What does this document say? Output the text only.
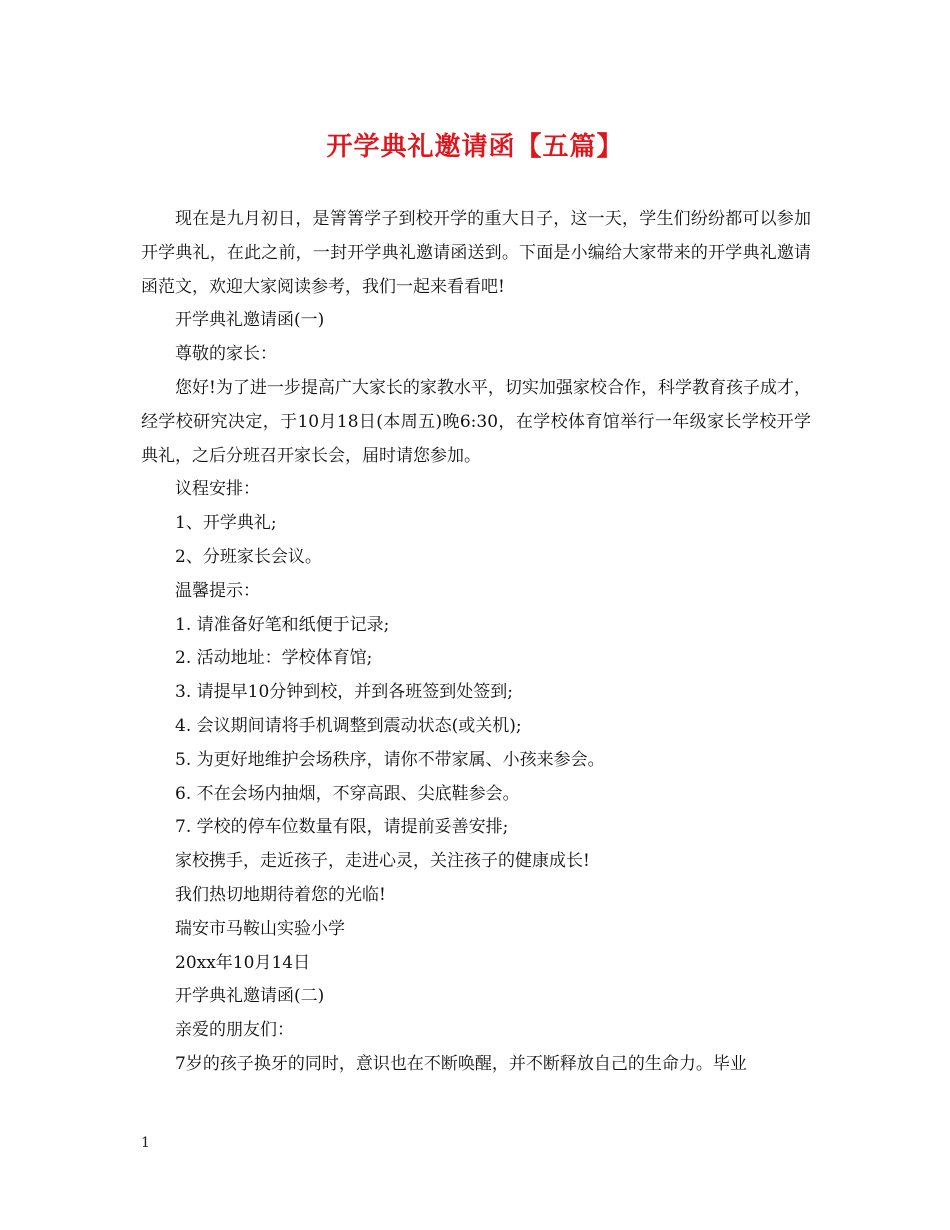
开学典礼邀请函【五篇】

现在是九月初日，是箐箐学子到校开学的重大日子，这一天，学生们纷纷都可以参加开学典礼，在此之前，一封开学典礼邀请函送到。下面是小编给大家带来的开学典礼邀请函范文，欢迎大家阅读参考，我们一起来看看吧!

开学典礼邀请函(一)

尊敬的家长：

您好!为了进一步提高广大家长的家教水平，切实加强家校合作，科学教育孩子成才，经学校研究决定，于10月18日(本周五)晚6:30，在学校体育馆举行一年级家长学校开学典礼，之后分班召开家长会，届时请您参加。

议程安排：

1、开学典礼;

2、分班家长会议。

温馨提示：

1. 请准备好笔和纸便于记录;

2. 活动地址：学校体育馆;

3. 请提早10分钟到校，并到各班签到处签到;

4. 会议期间请将手机调整到震动状态(或关机);

5. 为更好地维护会场秩序，请你不带家属、小孩来参会。

6. 不在会场内抽烟，不穿高跟、尖底鞋参会。

7. 学校的停车位数量有限，请提前妥善安排;

家校携手，走近孩子，走进心灵，关注孩子的健康成长!

我们热切地期待着您的光临!

瑞安市马鞍山实验小学

20xx年10月14日

开学典礼邀请函(二)

亲爱的朋友们：

7岁的孩子换牙的同时，意识也在不断唤醒，并不断释放自己的生命力。毕业

1
